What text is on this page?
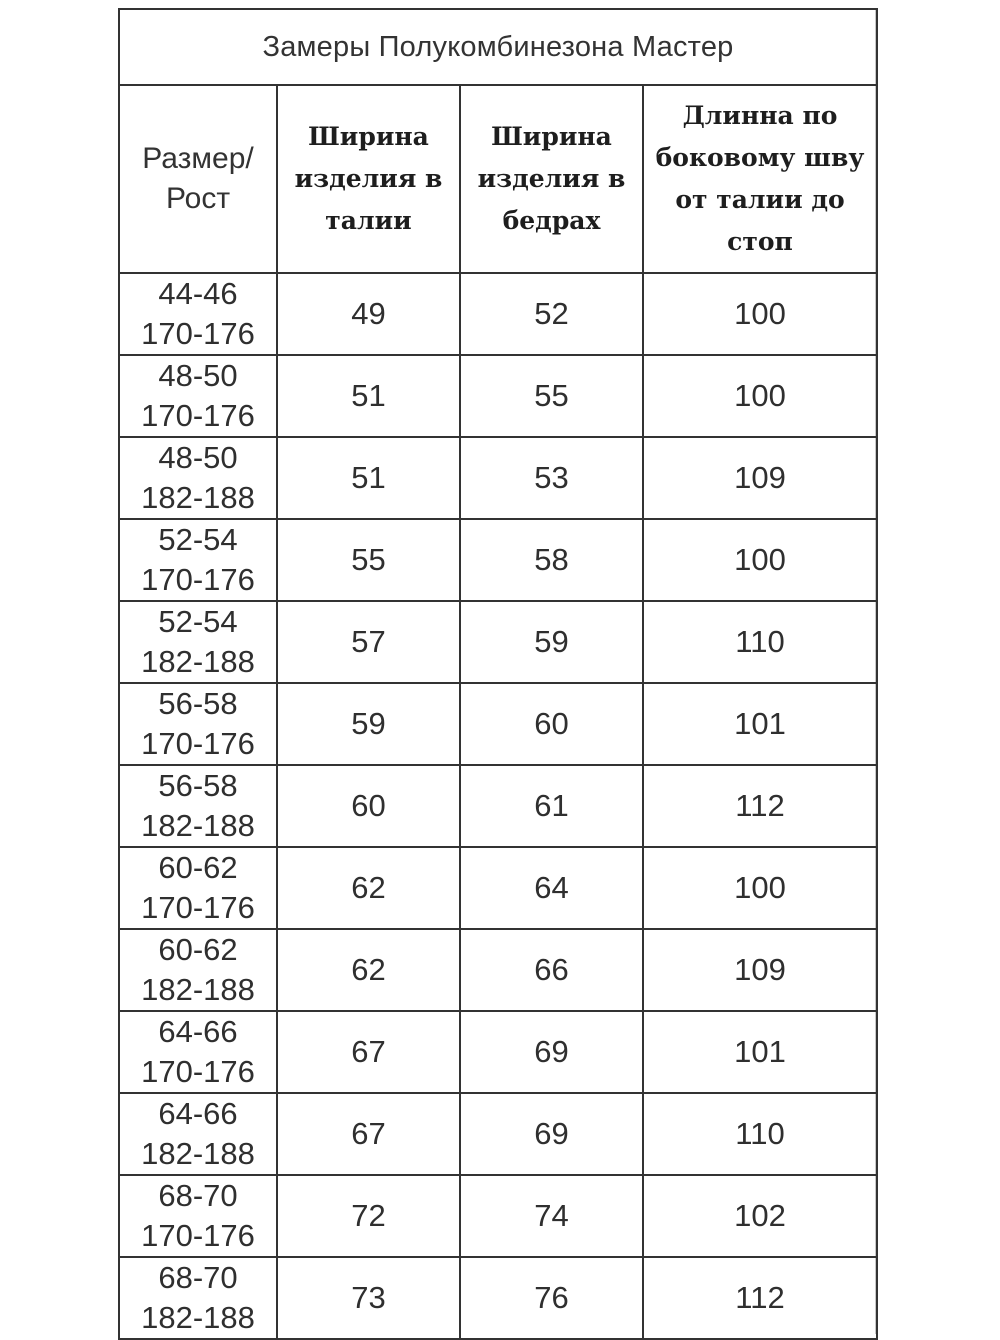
Замеры Полукомбинезона Мастер			
Размер/ Рост	Ширина изделия в талии	Ширина изделия в бедрах	Длинна по боковому шву от талии до стоп

44-46
170-176	49	52	100

48-50
170-176	51	55	100

48-50
182-188	51	53	109

52-54
170-176	55	58	100

52-54
182-188	57	59	110

56-58
170-176	59	60	101

56-58
182-188	60	61	112

60-62
170-176	62	64	100

60-62
182-188	62	66	109

64-66
170-176	67	69	101

64-66
182-188	67	69	110

68-70
170-176	72	74	102

68-70
182-188	73	76	112
